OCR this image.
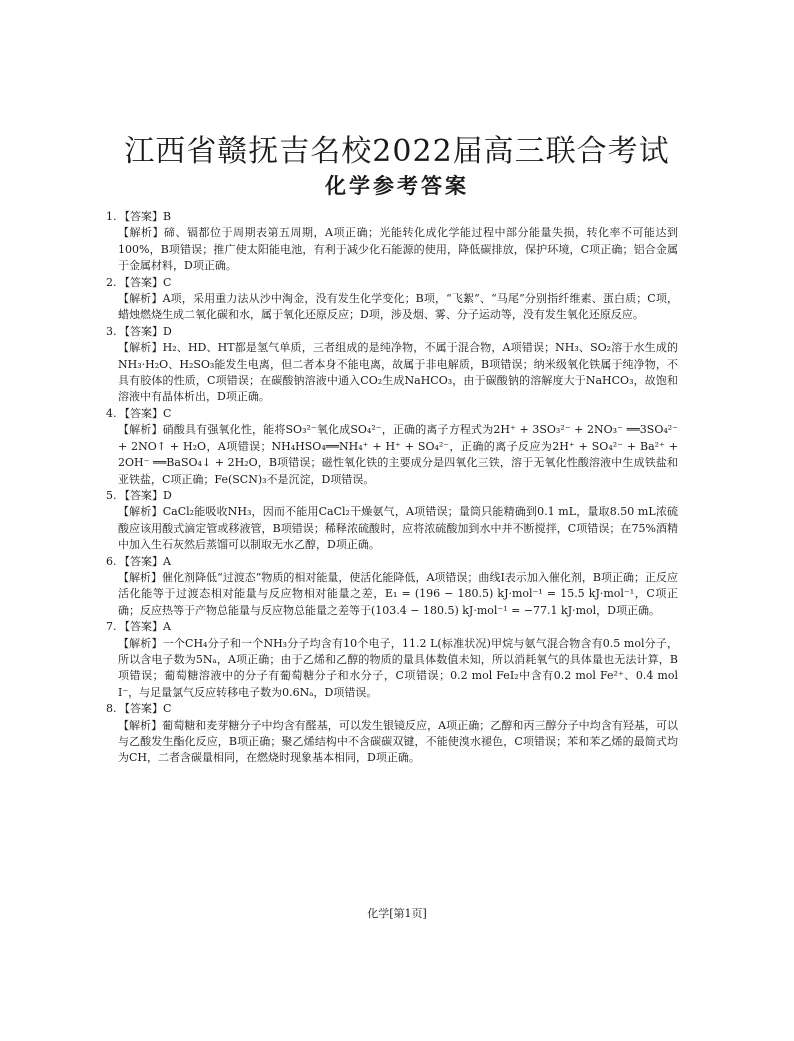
江西省赣抚吉名校2022届高三联合考试
化学参考答案

1. 【答案】B

【解析】碲、镉都位于周期表第五周期，A项正确；光能转化成化学能过程中部分能量失损，转化率不可能达到100%，B项错误；推广使太阳能电池，有利于减少化石能源的使用，降低碳排放，保护环境，C项正确；铝合金属于金属材料，D项正确。

2. 【答案】C

【解析】A项，采用重力法从沙中淘金，没有发生化学变化；B项，“飞絮”、“马尾”分别指纤维素、蛋白质；C项，蜡烛燃烧生成二氧化碳和水，属于氧化还原反应；D项，涉及烟、雾、分子运动等，没有发生氧化还原反应。

3. 【答案】D

【解析】H₂、HD、HT都是氢气单质，三者组成的是纯净物，不属于混合物，A项错误；NH₃、SO₂溶于水生成的NH₃·H₂O、H₂SO₃能发生电离，但二者本身不能电离，故属于非电解质，B项错误；纳米级氧化铁属于纯净物，不具有胶体的性质，C项错误；在碳酸钠溶液中通入CO₂生成NaHCO₃，由于碳酸钠的溶解度大于NaHCO₃，故饱和溶液中有晶体析出，D项正确。

4. 【答案】C

【解析】硝酸具有强氧化性，能将SO₃²⁻氧化成SO₄²⁻，正确的离子方程式为2H⁺ + 3SO₃²⁻ + 2NO₃⁻ ══3SO₄²⁻ + 2NO↑ + H₂O，A项错误；NH₄HSO₄══NH₄⁺ + H⁺ + SO₄²⁻，正确的离子反应为2H⁺ + SO₄²⁻ + Ba²⁺ + 2OH⁻ ══BaSO₄↓ + 2H₂O，B项错误；磁性氧化铁的主要成分是四氧化三铁，溶于无氧化性酸溶液中生成铁盐和亚铁盐，C项正确；Fe(SCN)₃不是沉淀，D项错误。

5. 【答案】D

【解析】CaCl₂能吸收NH₃，因而不能用CaCl₂干燥氨气，A项错误；量筒只能精确到0.1 mL，量取8.50 mL浓硫酸应该用酸式滴定管或移液管，B项错误；稀释浓硫酸时，应将浓硫酸加到水中并不断搅拌，C项错误；在75%酒精中加入生石灰然后蒸馏可以制取无水乙醇，D项正确。

6. 【答案】A

【解析】催化剂降低“过渡态”物质的相对能量，使活化能降低，A项错误；曲线Ⅰ表示加入催化剂，B项正确；正反应活化能等于过渡态相对能量与反应物相对能量之差，E₁ = (196 − 180.5) kJ·mol⁻¹ = 15.5 kJ·mol⁻¹，C项正确；反应热等于产物总能量与反应物总能量之差等于(103.4 − 180.5) kJ·mol⁻¹ = −77.1 kJ·mol，D项正确。

7. 【答案】A

【解析】一个CH₄分子和一个NH₃分子均含有10个电子，11.2 L(标准状况)甲烷与氨气混合物含有0.5 mol分子，所以含电子数为5Nₐ，A项正确；由于乙烯和乙醇的物质的量具体数值未知，所以消耗氧气的具体量也无法计算，B项错误；葡萄糖溶液中的分子有葡萄糖分子和水分子，C项错误；0.2 mol FeI₂中含有0.2 mol Fe²⁺、0.4 mol I⁻，与足量氯气反应转移电子数为0.6Nₐ，D项错误。

8. 【答案】C

【解析】葡萄糖和麦芽糖分子中均含有醛基，可以发生银镜反应，A项正确；乙醇和丙三醇分子中均含有羟基，可以与乙酸发生酯化反应，B项正确；聚乙烯结构中不含碳碳双键，不能使溴水褪色，C项错误；苯和苯乙烯的最简式均为CH，二者含碳量相同，在燃烧时现象基本相同，D项正确。

化学[第1页]
